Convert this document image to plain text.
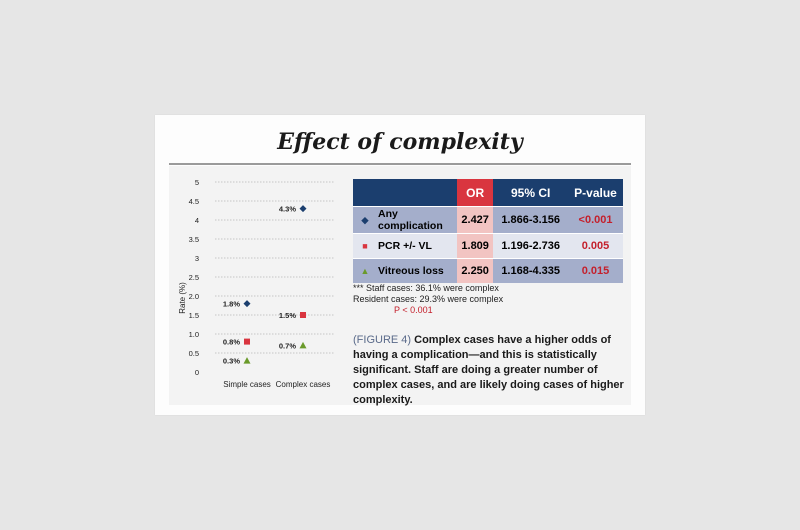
Effect of complexity
0
0.5
1.0
1.5
2.0
2.5
3
3.5
4
4.5
5
1.8%
4.3%
0.8%
1.5%
0.3%
0.7%
Simple cases Complex cases
Rate (%)
		OR	95% CI	P-value
◆	Any complication	2.427	1.866-3.156	<0.001
■	PCR +/- VL	1.809	1.196-2.736	0.005
▲	Vitreous loss	2.250	1.168-4.335	0.015
*** Staff cases: 36.1% were complex
Resident cases: 29.3% were complex
P < 0.001
(FIGURE 4) Complex cases have a higher odds of having a complication—and this is statistically significant. Staff are doing a greater number of complex cases, and are likely doing cases of higher complexity.
